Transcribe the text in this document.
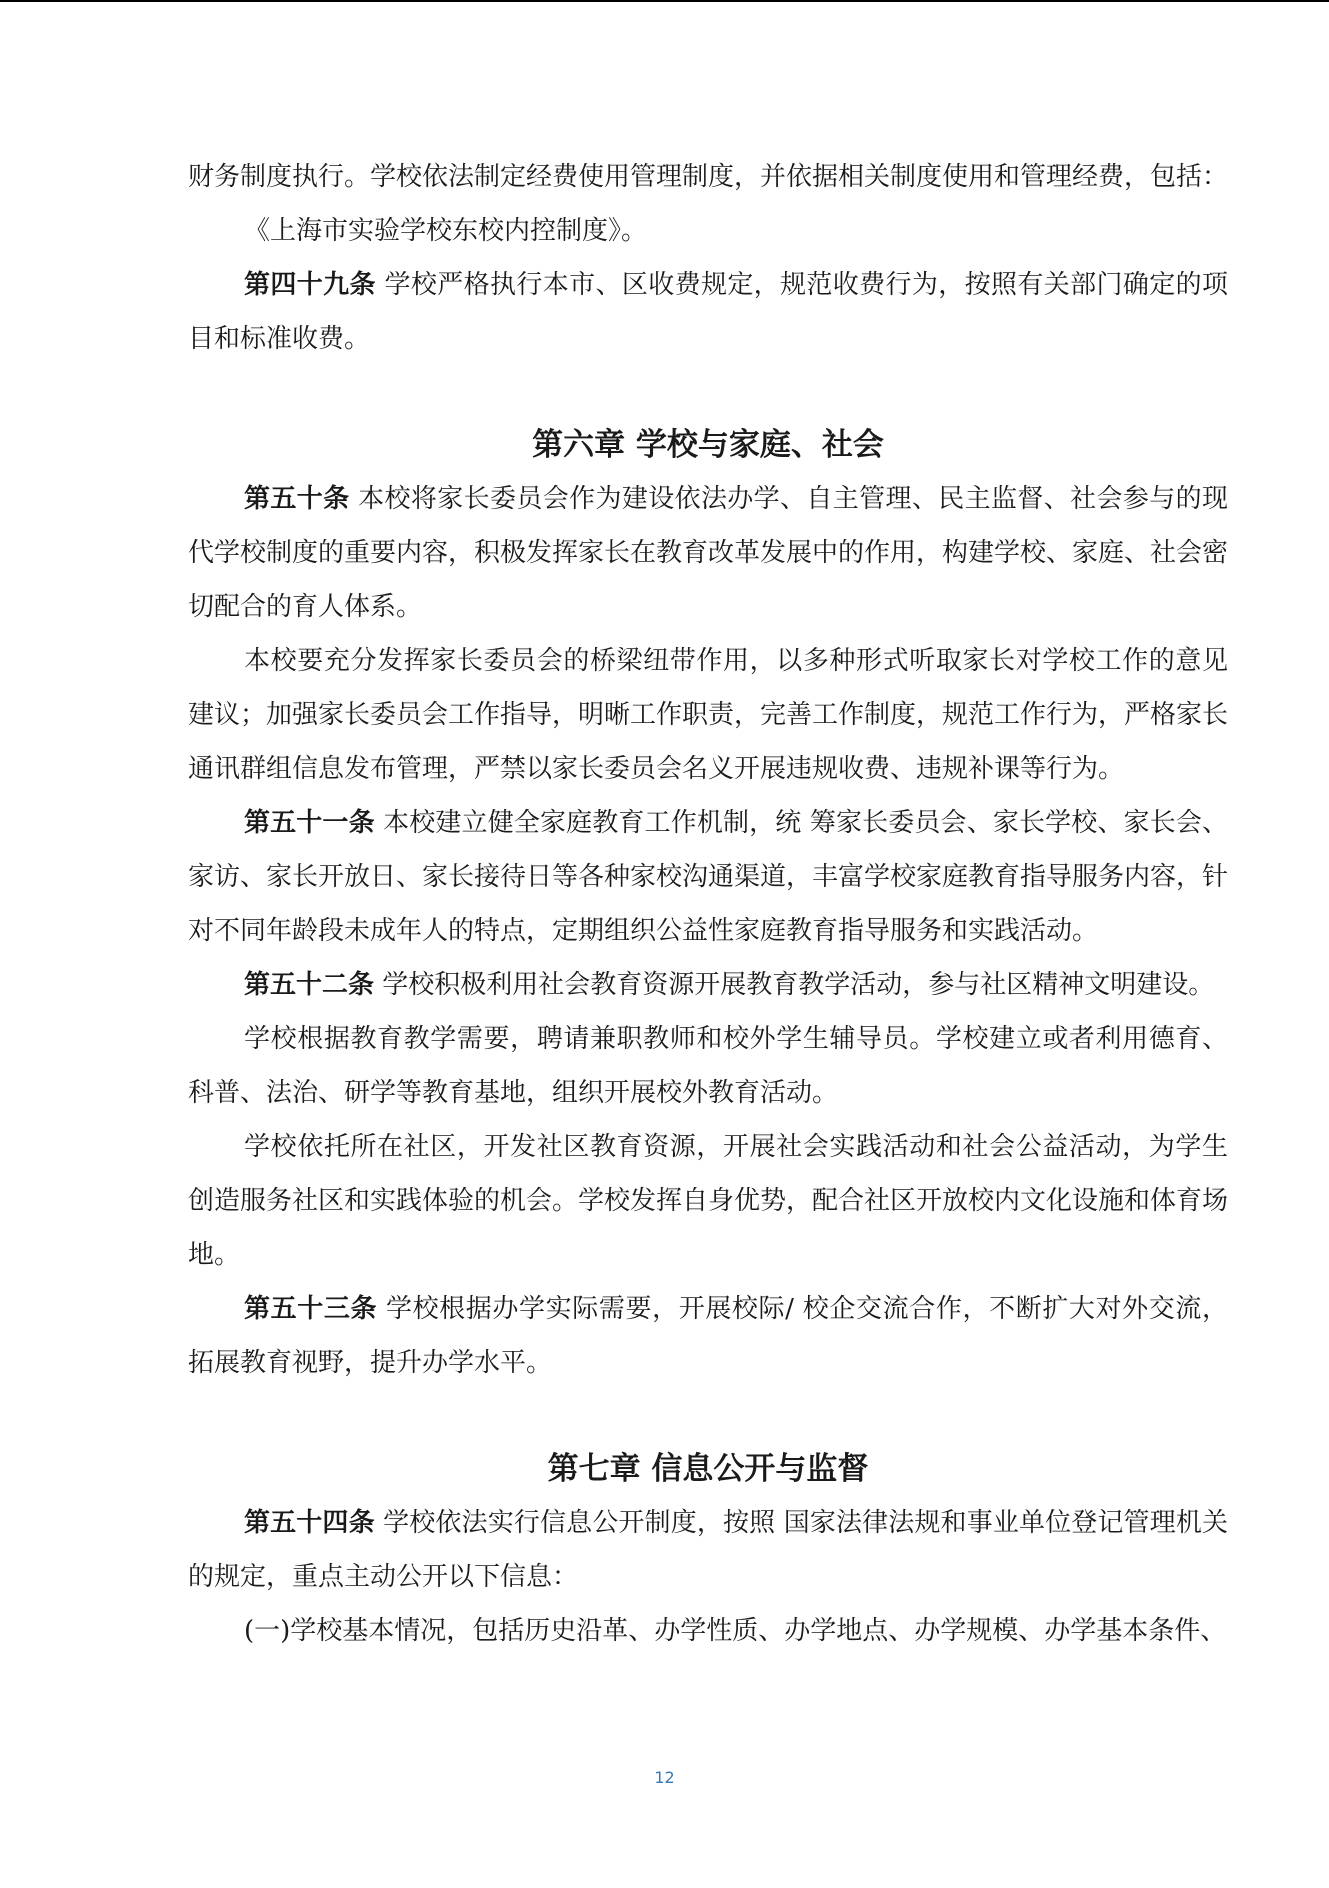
财务制度执行。学校依法制定经费使用管理制度，并依据相关制度使用和管理经费，包括：

《上海市实验学校东校内控制度》。

第四十九条 学校严格执行本市、区收费规定，规范收费行为，按照有关部门确定的项目和标准收费。

第六章 学校与家庭、社会

第五十条 本校将家长委员会作为建设依法办学、自主管理、民主监督、社会参与的现代学校制度的重要内容，积极发挥家长在教育改革发展中的作用，构建学校、家庭、社会密切配合的育人体系。

本校要充分发挥家长委员会的桥梁纽带作用，以多种形式听取家长对学校工作的意见建议；加强家长委员会工作指导，明晰工作职责，完善工作制度，规范工作行为，严格家长通讯群组信息发布管理，严禁以家长委员会名义开展违规收费、违规补课等行为。

第五十一条 本校建立健全家庭教育工作机制，统 筹家长委员会、家长学校、家长会、家访、家长开放日、家长接待日等各种家校沟通渠道，丰富学校家庭教育指导服务内容，针对不同年龄段未成年人的特点，定期组织公益性家庭教育指导服务和实践活动。

第五十二条 学校积极利用社会教育资源开展教育教学活动，参与社区精神文明建设。

学校根据教育教学需要，聘请兼职教师和校外学生辅导员。学校建立或者利用德育、科普、法治、研学等教育基地，组织开展校外教育活动。

学校依托所在社区，开发社区教育资源，开展社会实践活动和社会公益活动，为学生创造服务社区和实践体验的机会。学校发挥自身优势，配合社区开放校内文化设施和体育场地。

第五十三条 学校根据办学实际需要，开展校际/ 校企交流合作，不断扩大对外交流，拓展教育视野，提升办学水平。

第七章 信息公开与监督

第五十四条 学校依法实行信息公开制度，按照 国家法律法规和事业单位登记管理机关的规定，重点主动公开以下信息：

(一)学校基本情况，包括历史沿革、办学性质、办学地点、办学规模、办学基本条件、

12
